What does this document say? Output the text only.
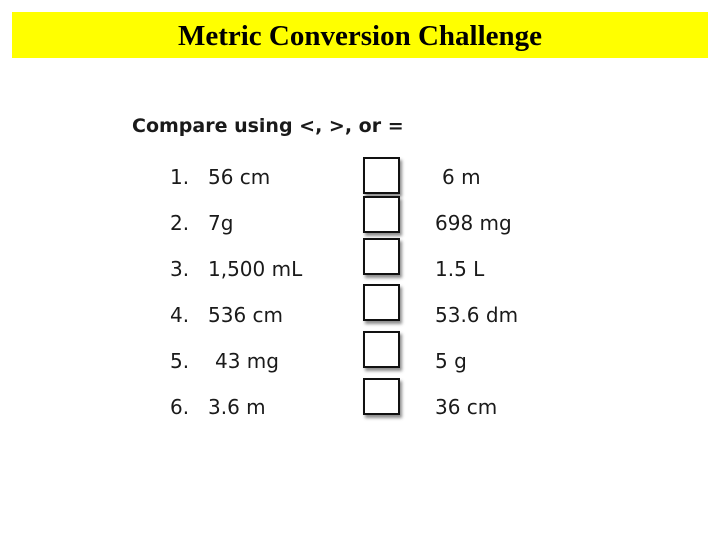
Metric Conversion Challenge
Compare using <, >, or =
1. 56 cm	6 m
2. 7g	698 mg
3. 1,500 mL	1.5 L
4. 536 cm	53.6 dm
5. 43 mg	5 g
6. 3.6 m	36 cm
